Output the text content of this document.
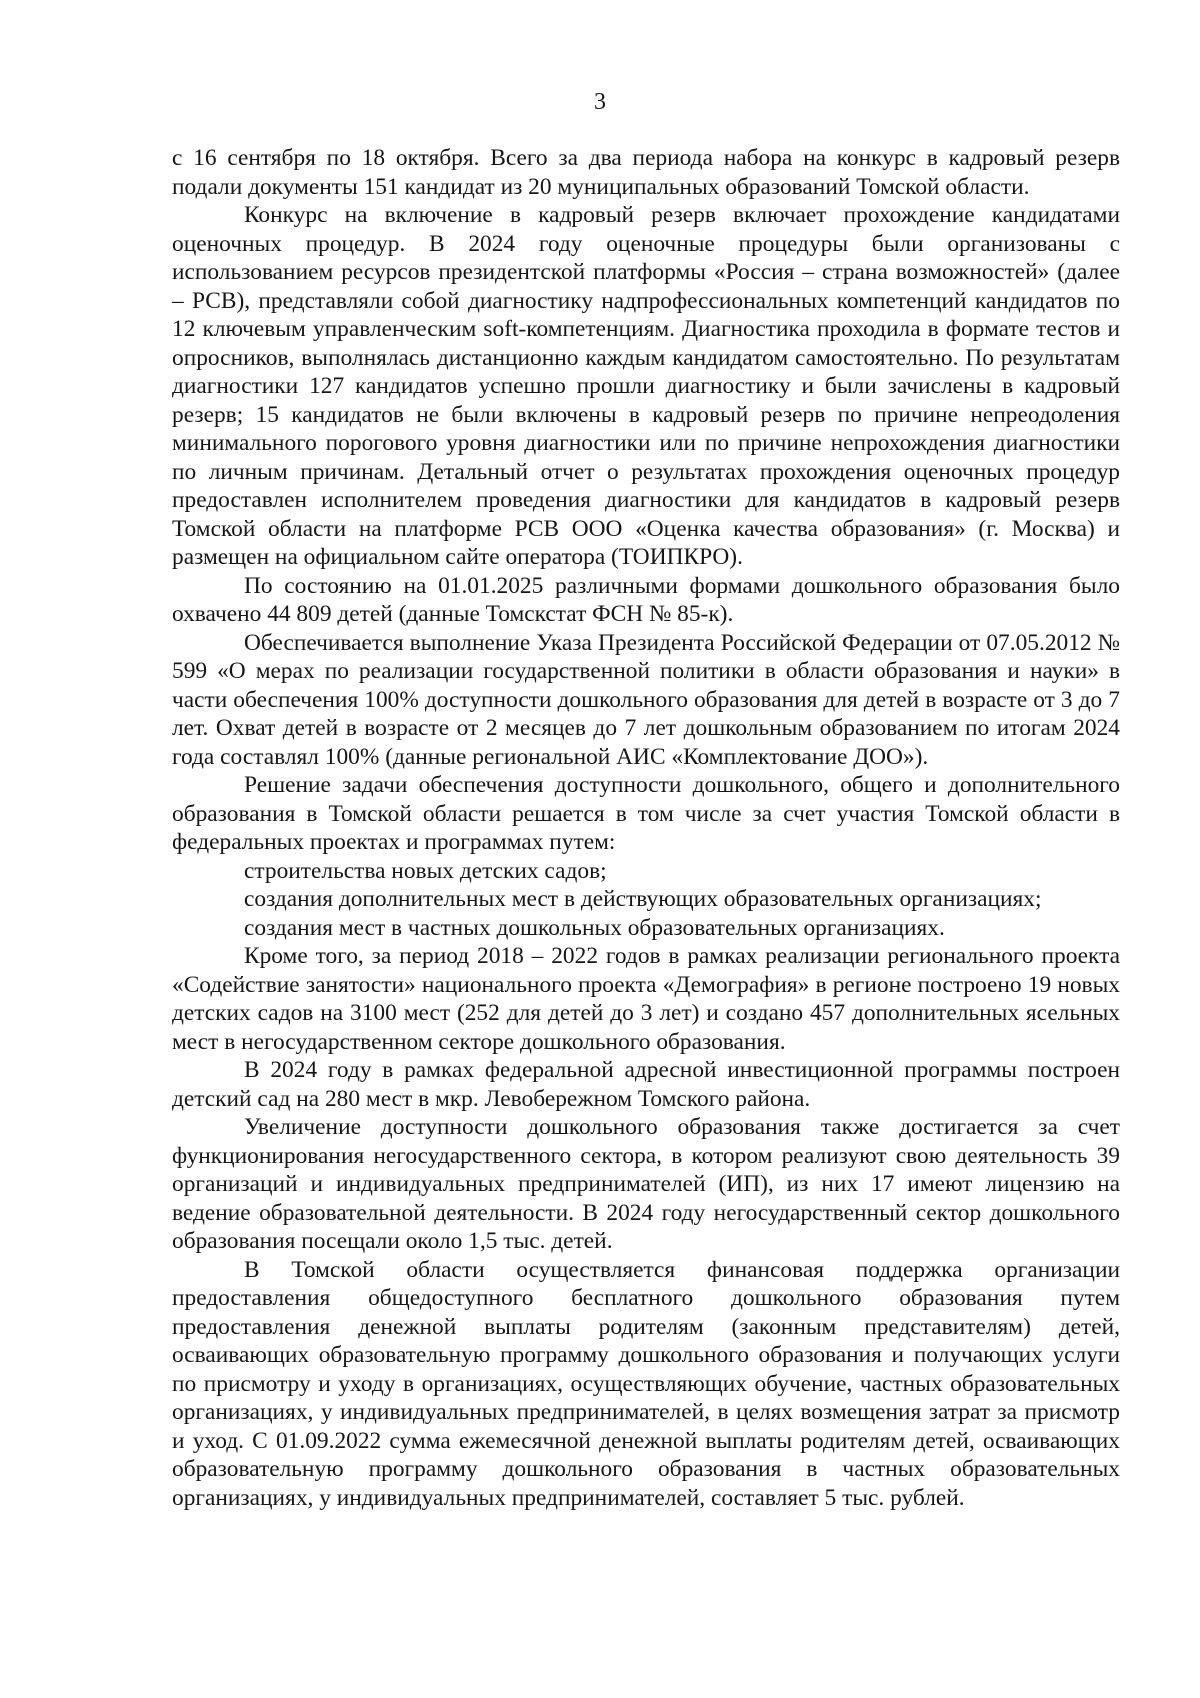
3

с 16 сентября по 18 октября. Всего за два периода набора на конкурс в кадровый резерв подали документы 151 кандидат из 20 муниципальных образований Томской области.

Конкурс на включение в кадровый резерв включает прохождение кандидатами оценочных процедур. В 2024 году оценочные процедуры были организованы с использованием ресурсов президентской платформы «Россия – страна возможностей» (далее – РСВ), представляли собой диагностику надпрофессиональных компетенций кандидатов по 12 ключевым управленческим soft-компетенциям. Диагностика проходила в формате тестов и опросников, выполнялась дистанционно каждым кандидатом самостоятельно. По результатам диагностики 127 кандидатов успешно прошли диагностику и были зачислены в кадровый резерв; 15 кандидатов не были включены в кадровый резерв по причине непреодоления минимального порогового уровня диагностики или по причине непрохождения диагностики по личным причинам. Детальный отчет о результатах прохождения оценочных процедур предоставлен исполнителем проведения диагностики для кандидатов в кадровый резерв Томской области на платформе РСВ ООО «Оценка качества образования» (г. Москва) и размещен на официальном сайте оператора (ТОИПКРО).

По состоянию на 01.01.2025 различными формами дошкольного образования было охвачено 44 809 детей (данные Томскстат ФСН № 85-к).

Обеспечивается выполнение Указа Президента Российской Федерации от 07.05.2012 № 599 «О мерах по реализации государственной политики в области образования и науки» в части обеспечения 100% доступности дошкольного образования для детей в возрасте от 3 до 7 лет. Охват детей в возрасте от 2 месяцев до 7 лет дошкольным образованием по итогам 2024 года составлял 100% (данные региональной АИС «Комплектование ДОО»).

Решение задачи обеспечения доступности дошкольного, общего и дополнительного образования в Томской области решается в том числе за счет участия Томской области в федеральных проектах и программах путем:

строительства новых детских садов;

создания дополнительных мест в действующих образовательных организациях;

создания мест в частных дошкольных образовательных организациях.

Кроме того, за период 2018 – 2022 годов в рамках реализации регионального проекта «Содействие занятости» национального проекта «Демография» в регионе построено 19 новых детских садов на 3100 мест (252 для детей до 3 лет) и создано 457 дополнительных ясельных мест в негосударственном секторе дошкольного образования.

В 2024 году в рамках федеральной адресной инвестиционной программы построен детский сад на 280 мест в мкр. Левобережном Томского района.

Увеличение доступности дошкольного образования также достигается за счет функционирования негосударственного сектора, в котором реализуют свою деятельность 39 организаций и индивидуальных предпринимателей (ИП), из них 17 имеют лицензию на ведение образовательной деятельности. В 2024 году негосударственный сектор дошкольного образования посещали около 1,5 тыс. детей.

В Томской области осуществляется финансовая поддержка организации предоставления общедоступного бесплатного дошкольного образования путем предоставления денежной выплаты родителям (законным представителям) детей, осваивающих образовательную программу дошкольного образования и получающих услуги по присмотру и уходу в организациях, осуществляющих обучение, частных образовательных организациях, у индивидуальных предпринимателей, в целях возмещения затрат за присмотр и уход. С 01.09.2022 сумма ежемесячной денежной выплаты родителям детей, осваивающих образовательную программу дошкольного образования в частных образовательных организациях, у индивидуальных предпринимателей, составляет 5 тыс. рублей.
